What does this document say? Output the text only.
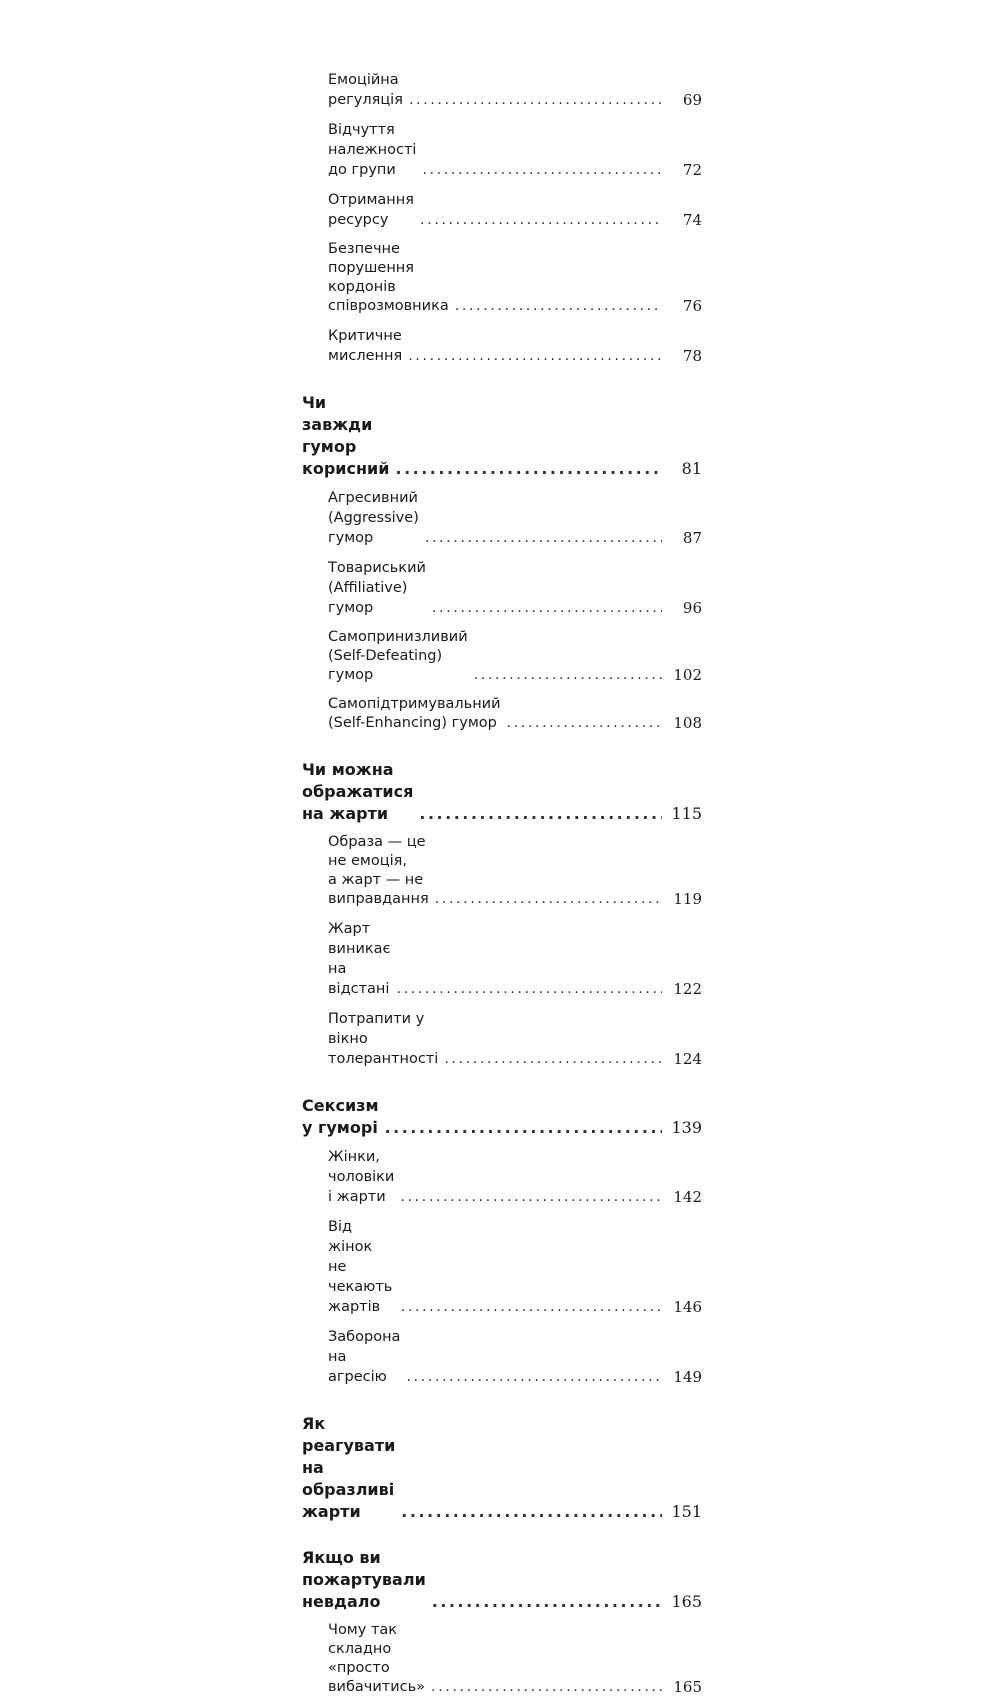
Емоційна регуляція .....	69
Відчуття належності до групи .....	72
Отримання ресурсу .....	74
Безпечне порушення кордонів
співрозмовника .....	76
Критичне мислення .....	78
Чи завжди гумор корисний .....	81
Агресивний (Aggressive) гумор .....	87
Товариський (Affiliative) гумор .....	96
Самопринизливий
(Self-Defeating) гумор .....	102
Самопідтримувальний
(Self-Enhancing) гумор .....	108
Чи можна ображатися на жарти .....	115
Образа — це не емоція,
а жарт — не виправдання .....	119
Жарт виникає на відстані .....	122
Потрапити у вікно толерантності .....	124
Сексизм у гуморі .....	139
Жінки, чоловіки і жарти .....	142
Від жінок не чекають жартів .....	146
Заборона на агресію .....	149
Як реагувати на образливі жарти .....	151
Якщо ви пожартували невдало .....	165
Чому так складно
«просто вибачитись» .....	165
